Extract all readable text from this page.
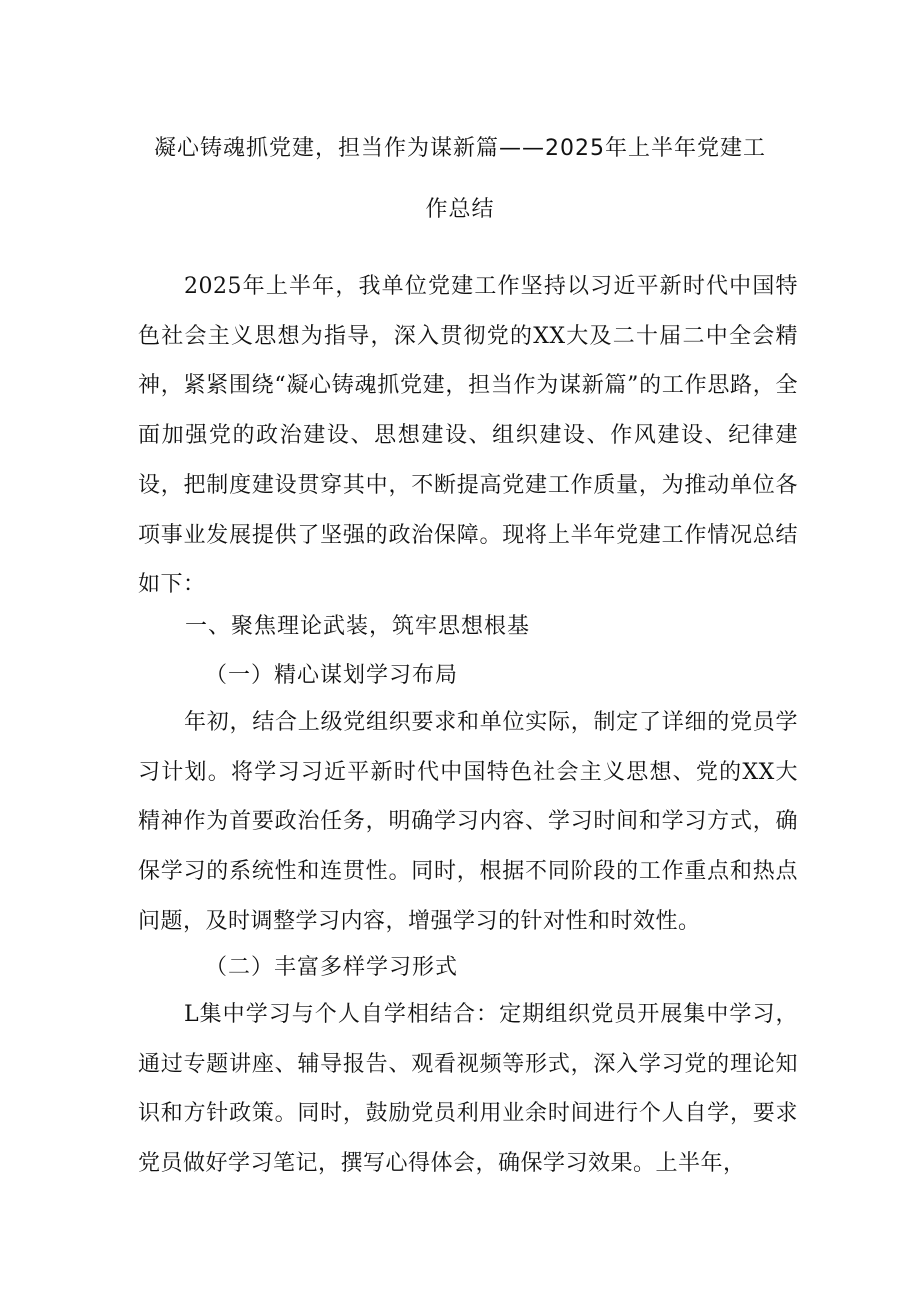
凝心铸魂抓党建，担当作为谋新篇——2025年上半年党建工
作总结

2025年上半年，我单位党建工作坚持以习近平新时代中国特色社会主义思想为指导，深入贯彻党的XX大及二十届二中全会精神，紧紧围绕“凝心铸魂抓党建，担当作为谋新篇”的工作思路，全面加强党的政治建设、思想建设、组织建设、作风建设、纪律建设，把制度建设贯穿其中，不断提高党建工作质量，为推动单位各项事业发展提供了坚强的政治保障。现将上半年党建工作情况总结如下：

一、聚焦理论武装，筑牢思想根基
（一）精心谋划学习布局

年初，结合上级党组织要求和单位实际，制定了详细的党员学习计划。将学习习近平新时代中国特色社会主义思想、党的XX大精神作为首要政治任务，明确学习内容、学习时间和学习方式，确保学习的系统性和连贯性。同时，根据不同阶段的工作重点和热点问题，及时调整学习内容，增强学习的针对性和时效性。

（二）丰富多样学习形式

L集中学习与个人自学相结合：定期组织党员开展集中学习，通过专题讲座、辅导报告、观看视频等形式，深入学习党的理论知识和方针政策。同时，鼓励党员利用业余时间进行个人自学，要求党员做好学习笔记，撰写心得体会，确保学习效果。上半年，
